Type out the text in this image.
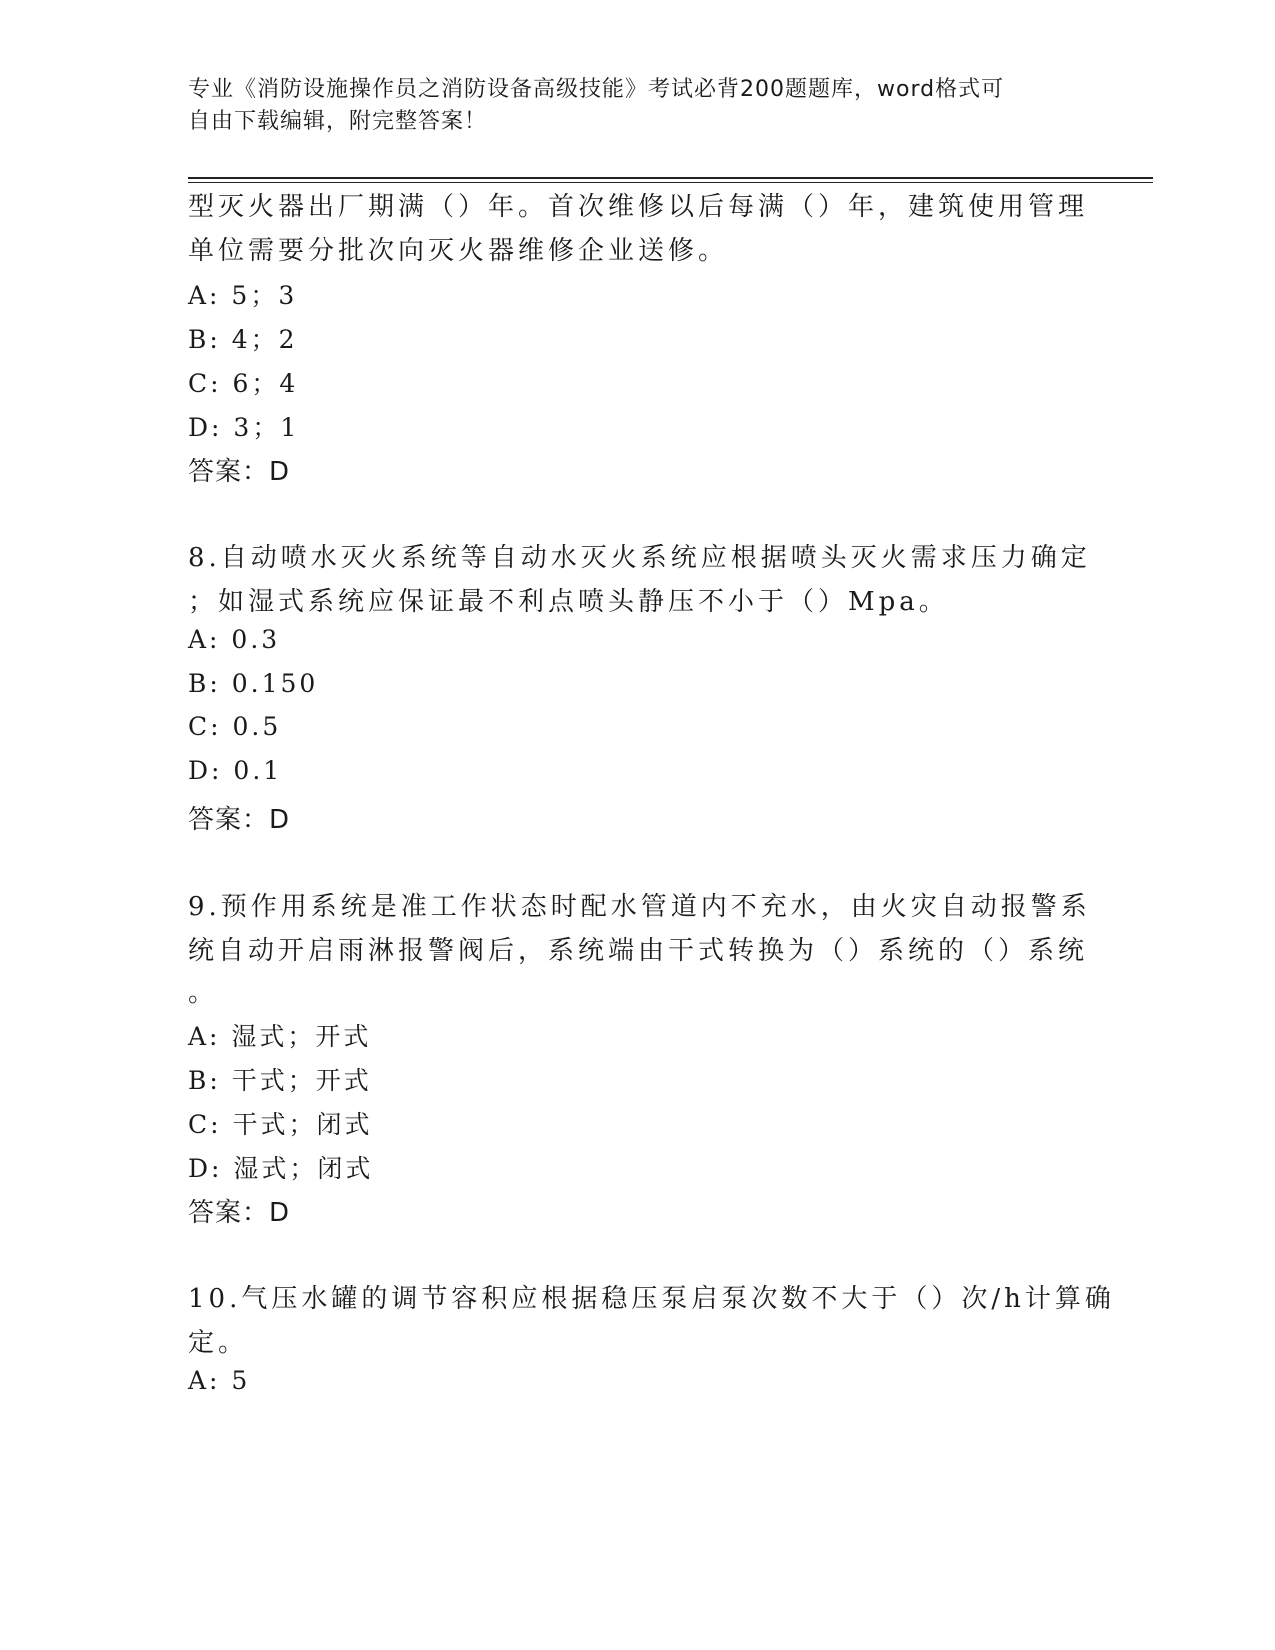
专业《消防设施操作员之消防设备高级技能》考试必背200题题库，word格式可
自由下载编辑，附完整答案！
型灭火器出厂期满（）年。首次维修以后每满（）年，建筑使用管理
单位需要分批次向灭火器维修企业送修。
A: 5；3
B: 4；2
C: 6；4
D: 3；1
答案：D
8.自动喷水灭火系统等自动水灭火系统应根据喷头灭火需求压力确定
；如湿式系统应保证最不利点喷头静压不小于（）Mpa。
A: 0.3
B: 0.150
C: 0.5
D: 0.1
答案：D
9.预作用系统是准工作状态时配水管道内不充水，由火灾自动报警系
统自动开启雨淋报警阀后，系统端由干式转换为（）系统的（）系统
。
A: 湿式；开式
B: 干式；开式
C: 干式；闭式
D: 湿式；闭式
答案：D
10.气压水罐的调节容积应根据稳压泵启泵次数不大于（）次/h计算确
定。
A: 5
